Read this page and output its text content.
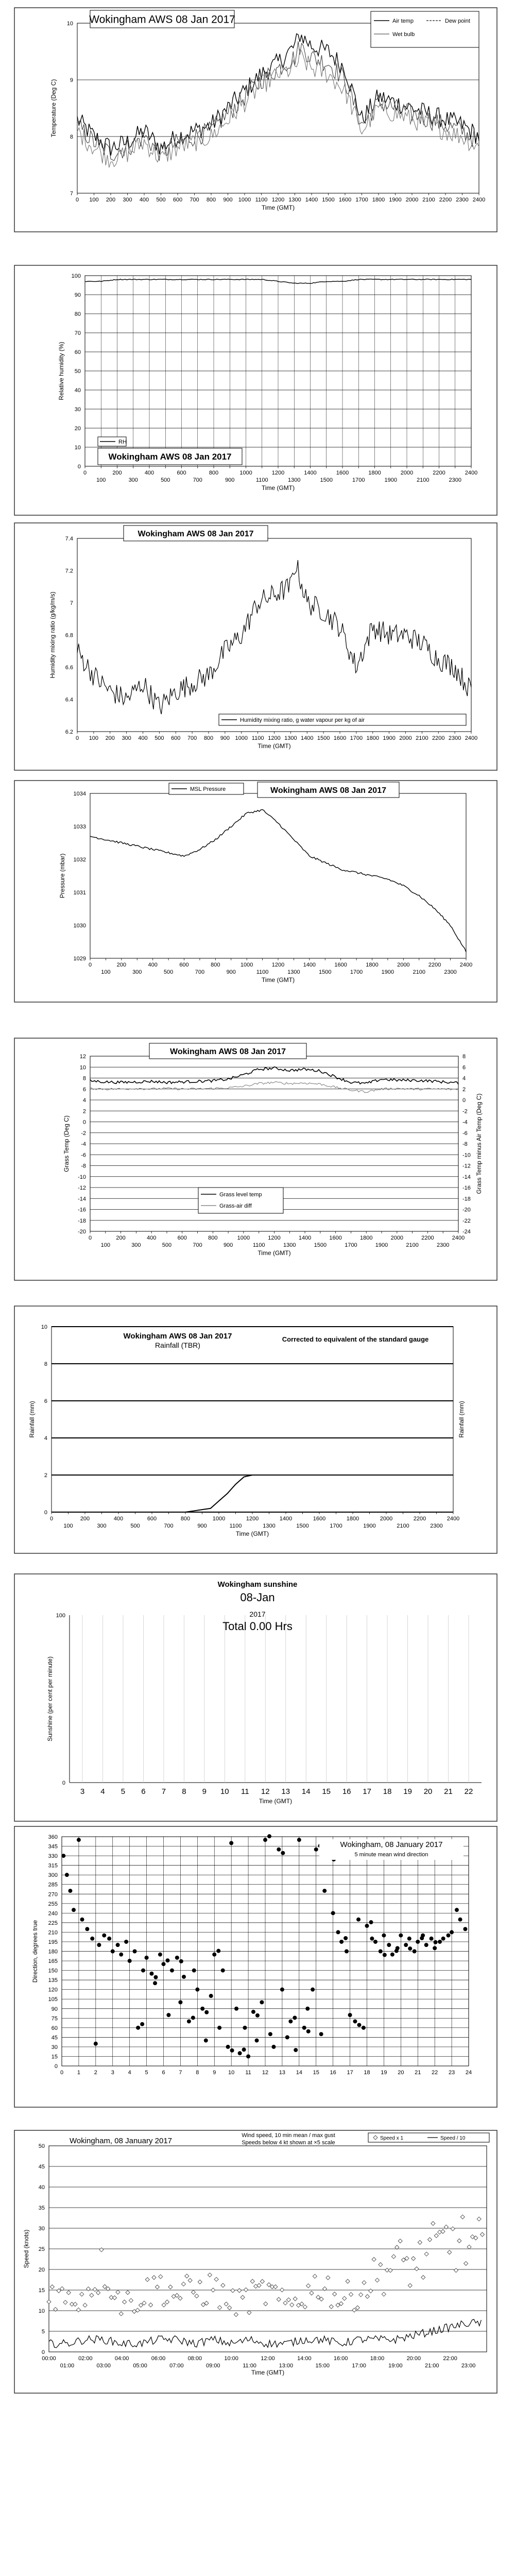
10
9
8
7
0 100 200 300 400 500 600 700 800 900 1000 1100 1200 1300 1400 1500 1600 1700 1800 1900 2000 2100 2200 2300 2400
Time (GMT)
Temperature (Deg C)
Wokingham AWS 08 Jan 2017	Air temp	Dew point
Wet bulb
100
90
80
70
60
50
40
30
20
10
0
0	200	400	600	800	1000	1200	1400	1600	1800	2000	2200	2400
100	300	500	700	900	1100	1300	1500	1700	1900	2100	2300
Time (GMT)
Relative humidity (%)
RH
Wokingham AWS 08 Jan 2017
7.4
7.2
7
6.8
6.6
6.4
6.2
0 100 200 300 400 500 600 700 800 900 1000 1100 1200 1300 1400 1500 1600 1700 1800 1900 2000 2100 2200 2300 2400
Time (GMT)
Humidity mixing ratio (g/kg/m/s)
Wokingham AWS 08 Jan 2017
Humidity mixing ratio, g water vapour per kg of air
1034
1033
1032
1031
1030
1029
0	200	400	600	800	1000	1200	1400	1600	1800	2000	2200	2400
100	300	500	700	900	1100	1300	1500	1700	1900	2100	2300
Time (GMT)
Pressure (mbar)
MSL Pressure	Wokingham AWS 08 Jan 2017
12
10
8
6
4
2
0
-2
-4
-6
-8
-10
-12
-14
-16
-18
-20
8
6
4
2
0
-2
-4
-6
-8
-10
-12
-14
-16
-18
-20
-22
-24
0	200	400	600	800	1000	1200	1400	1600	1800	2000	2200	2400
100	300	500	700	900	1100	1300	1500	1700	1900	2100	2300
Time (GMT)
Grass Temp (Deg C)	Grass Temp minus Air Temp (Deg C)
Wokingham AWS 08 Jan 2017
Grass level temp
Grass-air diff
10
8
6
4
2
0
0	200	400	600	800	1000	1200	1400	1600	1800	2000	2200	2400
100	300	500	700	900	1100	1300	1500	1700	1900	2100	2300
Time (GMT)
Rainfall (mm)	Rainfall (mm)
Wokingham AWS 08 Jan 2017
Rainfall (TBR)
Corrected to equivalent of the standard gauge
3 4 5 6 7 8 9 10 11 12 13 14 15 16 17 18 19 20 21 22
100
0
Time (GMT)
Sunshine (per cent per minute)
Wokingham sunshine
08-Jan
2017
Total 0.00 Hrs
360
345
330
315
300
285
270
255
240
225
210
195
180
165
150
135
120
105
90
75
60
45
30
15
0
0 1 2 3 4 5 6 7 8 9 10 11 12 13 14 15 16 17 18 19 20 21 22 23 24
Direction, degrees true
Wokingham, 08 January 2017
5 minute mean wind direction
50
45
40
35
30
25
20
15
10
5
0
00:00	02:00	04:00	06:00	08:00	10:00	12:00	14:00	16:00	18:00	20:00	22:00
01:00	03:00	05:00	07:00	09:00	11:00	13:00	15:00	17:00	19:00	21:00	23:00
Time (GMT)
Speed (knots)
Wokingham, 08 January 2017
Wind speed, 10 min mean / max gust
Speeds below 4 kt shown at ×5 scale
Speed x 1	Speed / 10
